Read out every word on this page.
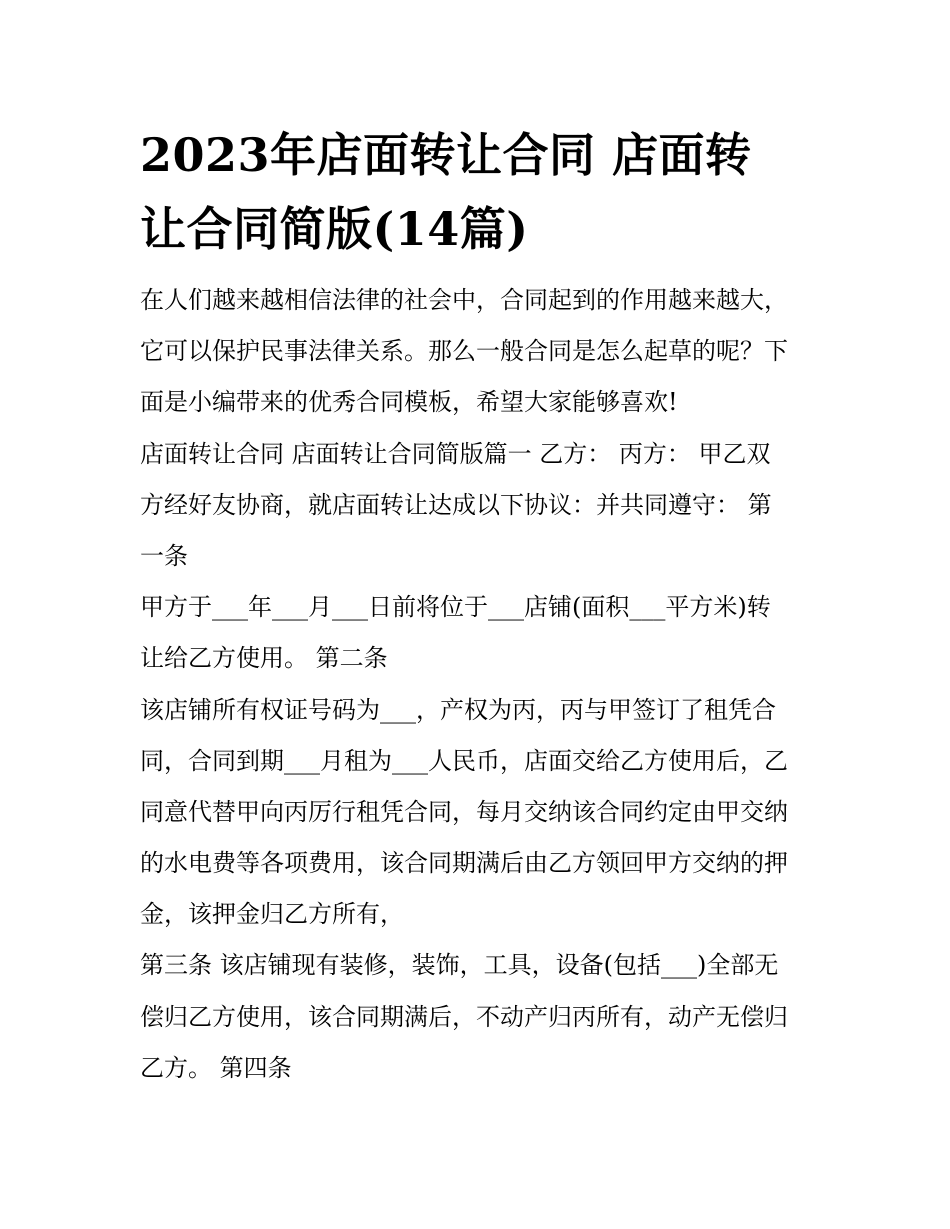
2023年店面转让合同 店面转
让合同简版(14篇)
在人们越来越相信法律的社会中，合同起到的作用越来越大，
它可以保护民事法律关系。那么一般合同是怎么起草的呢？下
面是小编带来的优秀合同模板，希望大家能够喜欢!
店面转让合同 店面转让合同简版篇一 乙方： 丙方： 甲乙双
方经好友协商，就店面转让达成以下协议：并共同遵守： 第
一条
甲方于___年___月___日前将位于___店铺(面积___平方米)转
让给乙方使用。 第二条
该店铺所有权证号码为___，产权为丙，丙与甲签订了租凭合
同，合同到期___月租为___人民币，店面交给乙方使用后，乙
同意代替甲向丙厉行租凭合同，每月交纳该合同约定由甲交纳
的水电费等各项费用，该合同期满后由乙方领回甲方交纳的押
金，该押金归乙方所有，
第三条 该店铺现有装修，装饰，工具，设备(包括___)全部无
偿归乙方使用，该合同期满后，不动产归丙所有，动产无偿归
乙方。 第四条
